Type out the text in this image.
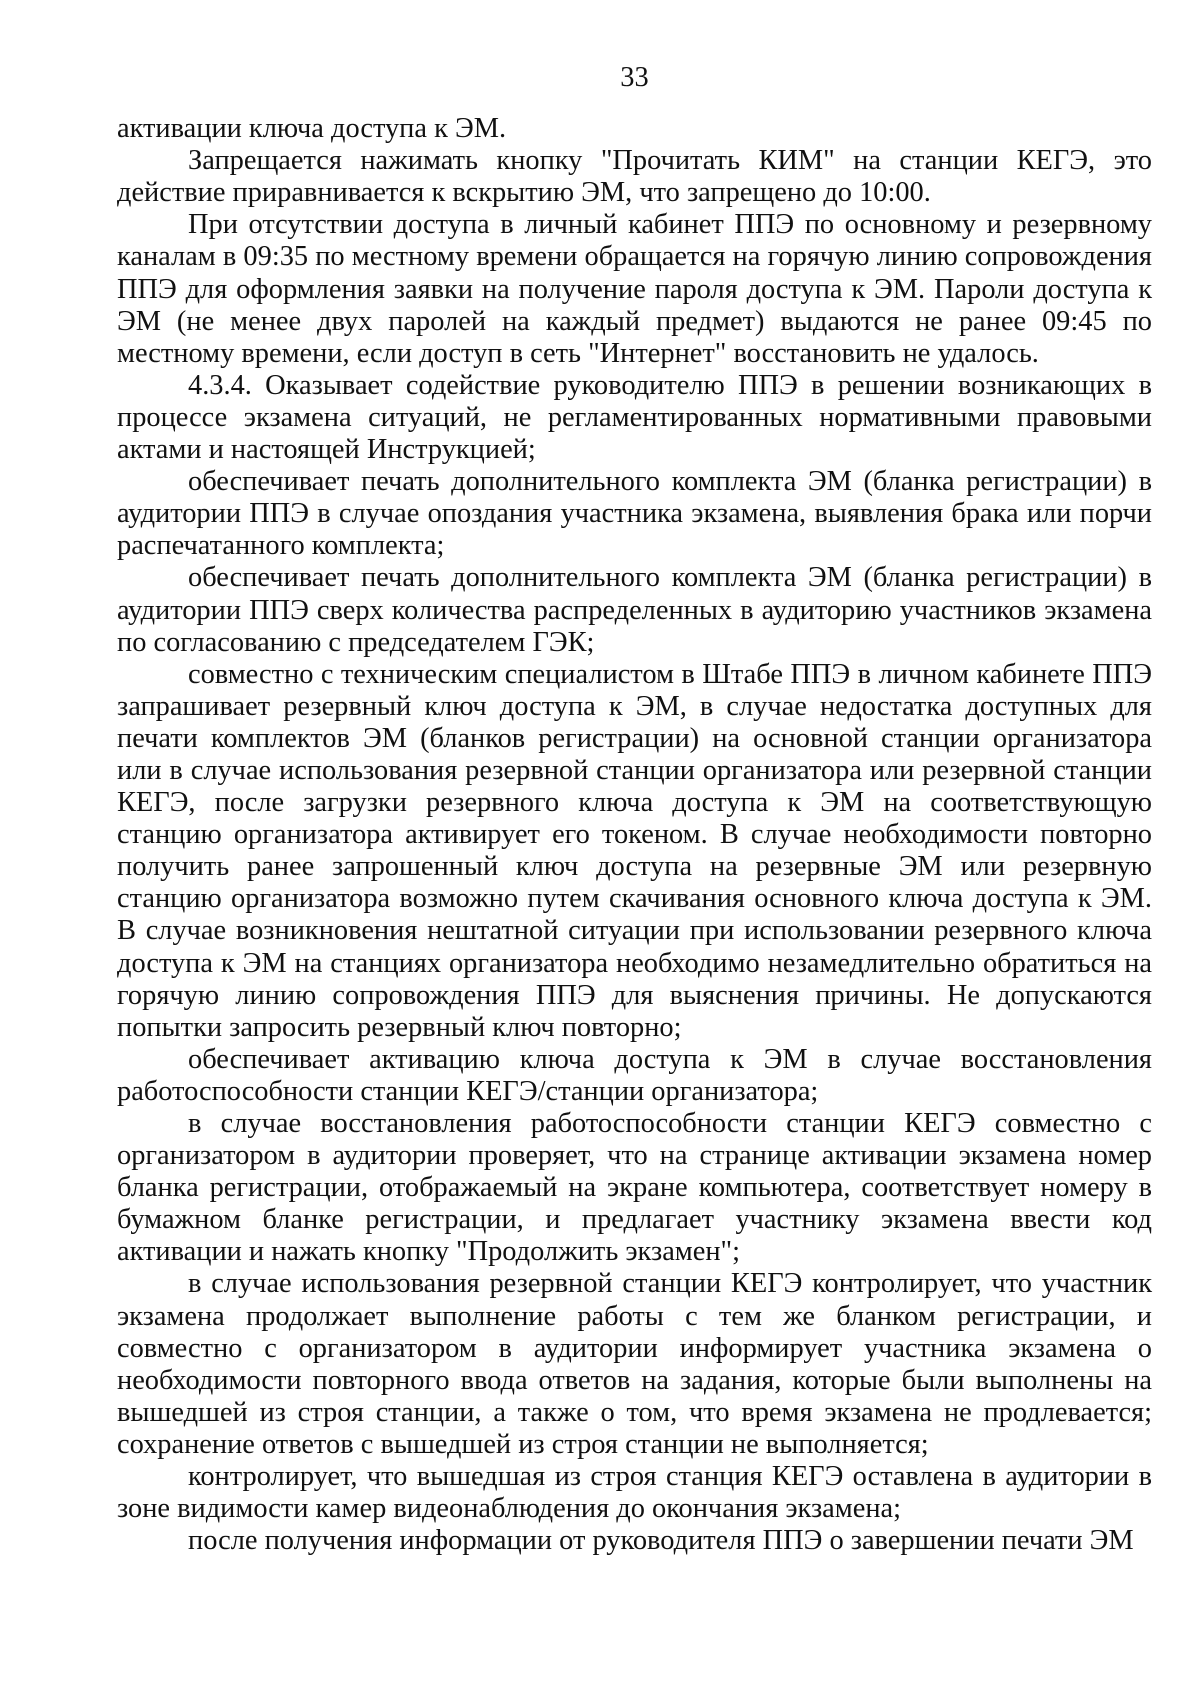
33

активации ключа доступа к ЭМ.

Запрещается нажимать кнопку "Прочитать КИМ" на станции КЕГЭ, это действие приравнивается к вскрытию ЭМ, что запрещено до 10:00.

При отсутствии доступа в личный кабинет ППЭ по основному и резервному каналам в 09:35 по местному времени обращается на горячую линию сопровождения ППЭ для оформления заявки на получение пароля доступа к ЭМ. Пароли доступа к ЭМ (не менее двух паролей на каждый предмет) выдаются не ранее 09:45 по местному времени, если доступ в сеть "Интернет" восстановить не удалось.

4.3.4. Оказывает содействие руководителю ППЭ в решении возникающих в процессе экзамена ситуаций, не регламентированных нормативными правовыми актами и настоящей Инструкцией;

обеспечивает печать дополнительного комплекта ЭМ (бланка регистрации) в аудитории ППЭ в случае опоздания участника экзамена, выявления брака или порчи распечатанного комплекта;

обеспечивает печать дополнительного комплекта ЭМ (бланка регистрации) в аудитории ППЭ сверх количества распределенных в аудиторию участников экзамена по согласованию с председателем ГЭК;

совместно с техническим специалистом в Штабе ППЭ в личном кабинете ППЭ запрашивает резервный ключ доступа к ЭМ, в случае недостатка доступных для печати комплектов ЭМ (бланков регистрации) на основной станции организатора или в случае использования резервной станции организатора или резервной станции КЕГЭ, после загрузки резервного ключа доступа к ЭМ на соответствующую станцию организатора активирует его токеном. В случае необходимости повторно получить ранее запрошенный ключ доступа на резервные ЭМ или резервную станцию организатора возможно путем скачивания основного ключа доступа к ЭМ. В случае возникновения нештатной ситуации при использовании резервного ключа доступа к ЭМ на станциях организатора необходимо незамедлительно обратиться на горячую линию сопровождения ППЭ для выяснения причины. Не допускаются попытки запросить резервный ключ повторно;

обеспечивает активацию ключа доступа к ЭМ в случае восстановления работоспособности станции КЕГЭ/станции организатора;

в случае восстановления работоспособности станции КЕГЭ совместно с организатором в аудитории проверяет, что на странице активации экзамена номер бланка регистрации, отображаемый на экране компьютера, соответствует номеру в бумажном бланке регистрации, и предлагает участнику экзамена ввести код активации и нажать кнопку "Продолжить экзамен";

в случае использования резервной станции КЕГЭ контролирует, что участник экзамена продолжает выполнение работы с тем же бланком регистрации, и совместно с организатором в аудитории информирует участника экзамена о необходимости повторного ввода ответов на задания, которые были выполнены на вышедшей из строя станции, а также о том, что время экзамена не продлевается; сохранение ответов с вышедшей из строя станции не выполняется;

контролирует, что вышедшая из строя станция КЕГЭ оставлена в аудитории в зоне видимости камер видеонаблюдения до окончания экзамена;

после получения информации от руководителя ППЭ о завершении печати ЭМ
